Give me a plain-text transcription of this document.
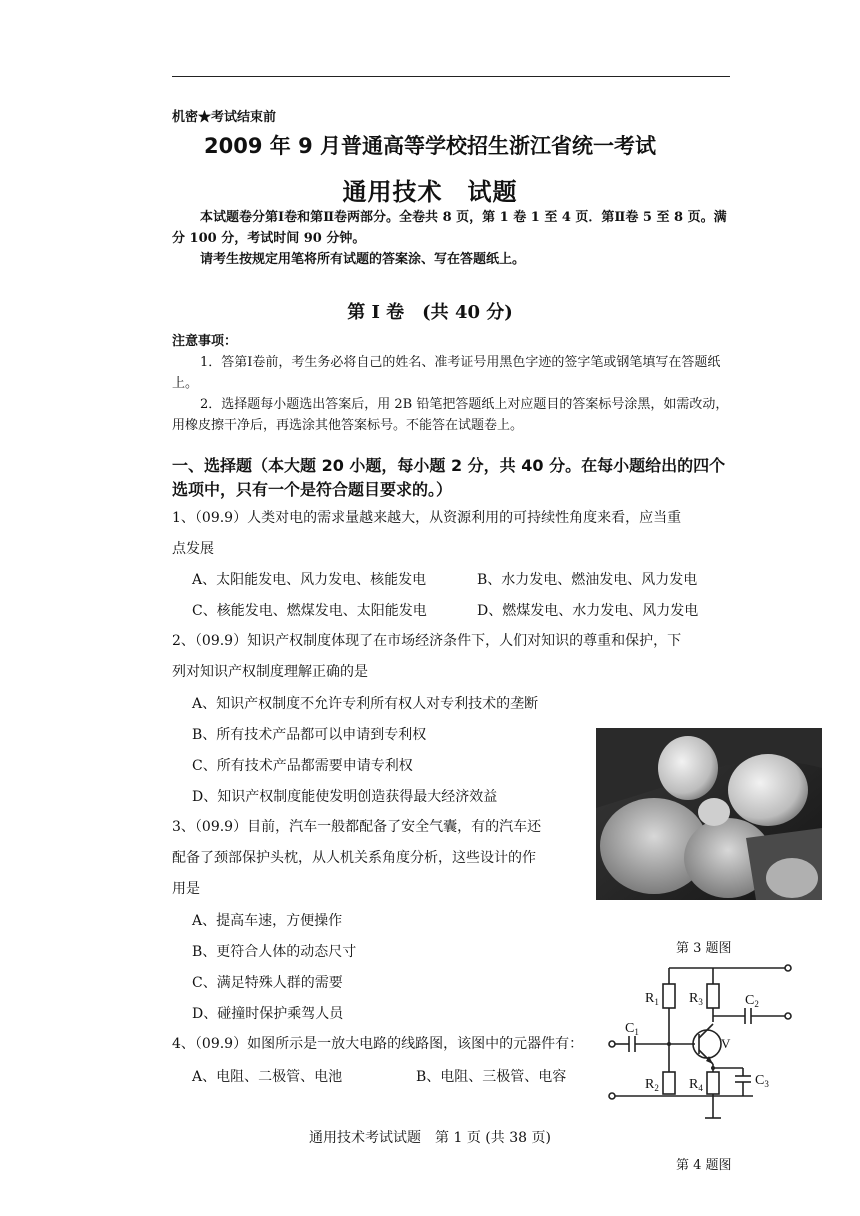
机密★考试结束前
2009 年 9 月普通高等学校招生浙江省统一考试
通用技术　试题

本试题卷分第Ⅰ卷和第Ⅱ卷两部分。全卷共 8 页，第 1 卷 1 至 4 页．第Ⅱ卷 5 至 8 页。满分 100 分，考试时间 90 分钟。

请考生按规定用笔将所有试题的答案涂、写在答题纸上。

第 I 卷　(共 40 分)
注意事项：

1．答第Ⅰ卷前，考生务必将自己的姓名、准考证号用黑色字迹的签字笔或钢笔填写在答题纸上。

2．选择题每小题选出答案后，用 2B 铅笔把答题纸上对应题目的答案标号涂黑，如需改动，用橡皮擦干净后，再选涂其他答案标号。不能答在试题卷上。

一、选择题（本大题 20 小题，每小题 2 分，共 40 分。在每小题给出的四个选项中，只有一个是符合题目要求的。）
1、（09.9）人类对电的需求量越来越大，从资源利用的可持续性角度来看，应当重
点发展
A、太阳能发电、风力发电、核能发电	B、水力发电、燃油发电、风力发电
C、核能发电、燃煤发电、太阳能发电	D、燃煤发电、水力发电、风力发电
2、（09.9）知识产权制度体现了在市场经济条件下，人们对知识的尊重和保护，下
列对知识产权制度理解正确的是
A、知识产权制度不允许专利所有权人对专利技术的垄断
B、所有技术产品都可以申请到专利权
C、所有技术产品都需要申请专利权
D、知识产权制度能使发明创造获得最大经济效益
3、（09.9）目前，汽车一般都配备了安全气囊，有的汽车还
配备了颈部保护头枕，从人机关系角度分析，这些设计的作
用是
A、提高车速，方便操作
B、更符合人体的动态尺寸
C、满足特殊人群的需要
D、碰撞时保护乘驾人员
4、（09.9）如图所示是一放大电路的线路图，该图中的元器件有：
A、电阻、二极管、电池	B、电阻、三极管、电容
第 3 题图
$R_1$
$R_2$
$R_3$
$R_4$
$C_1$
$C_2$
$C_3$
V
通用技术考试试题　第 1 页 (共 38 页)
第 4 题图
